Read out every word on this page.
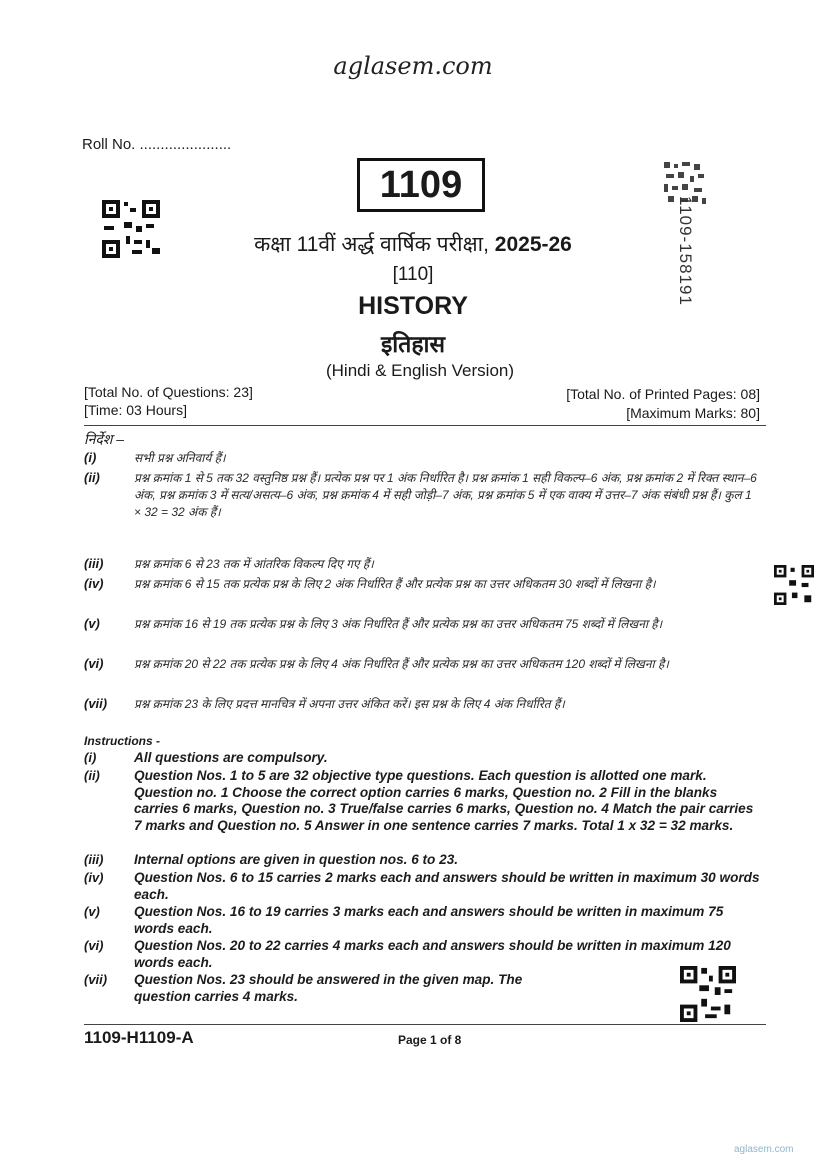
aglasem.com
Roll No. ......................
1109
कक्षा 11वीं अर्द्ध वार्षिक परीक्षा, 2025-26	1109-158191
[110]
HISTORY
इतिहास
(Hindi & English Version)
[Total No. of Questions: 23]
[Time: 03 Hours]
[Total No. of Printed Pages: 08]
[Maximum Marks: 80]
निर्देश –
(i)	सभी प्रश्न अनिवार्य हैं।
(ii)	प्रश्न क्रमांक 1 से 5 तक 32 वस्तुनिष्ठ प्रश्न हैं। प्रत्येक प्रश्न पर 1 अंक निर्धारित है। प्रश्न क्रमांक 1 सही विकल्प–6 अंक, प्रश्न क्रमांक 2 में रिक्त स्थान–6 अंक, प्रश्न क्रमांक 3 में सत्य/असत्य–6 अंक, प्रश्न क्रमांक 4 में सही जोड़ी–7 अंक, प्रश्न क्रमांक 5 में एक वाक्य में उत्तर–7 अंक संबंधी प्रश्न हैं। कुल 1 × 32 = 32 अंक हैं।
(iii)	प्रश्न क्रमांक 6 से 23 तक में आंतरिक विकल्प दिए गए हैं।
(iv)	प्रश्न क्रमांक 6 से 15 तक प्रत्येक प्रश्न के लिए 2 अंक निर्धारित हैं और प्रत्येक प्रश्न का उत्तर अधिकतम 30 शब्दों में लिखना है।
(v)	प्रश्न क्रमांक 16 से 19 तक प्रत्येक प्रश्न के लिए 3 अंक निर्धारित हैं और प्रत्येक प्रश्न का उत्तर अधिकतम 75 शब्दों में लिखना है।
(vi)	प्रश्न क्रमांक 20 से 22 तक प्रत्येक प्रश्न के लिए 4 अंक निर्धारित हैं और प्रत्येक प्रश्न का उत्तर अधिकतम 120 शब्दों में लिखना है।
(vii) प्रश्न क्रमांक 23 के लिए प्रदत्त मानचित्र में अपना उत्तर अंकित करें। इस प्रश्न के लिए 4 अंक निर्धारित हैं।
Instructions -
(i)	All questions are compulsory.
(ii)	Question Nos. 1 to 5 are 32 objective type questions. Each question is allotted one mark. Question no. 1 Choose the correct option carries 6 marks, Question no. 2 Fill in the blanks carries 6 marks, Question no. 3 True/false carries 6 marks, Question no. 4 Match the pair carries 7 marks and Question no. 5 Answer in one sentence carries 7 marks. Total 1 x 32 = 32 marks.
(iii) Internal options are given in question nos. 6 to 23.
(iv) Question Nos. 6 to 15 carries 2 marks each and answers should be written in maximum 30 words each.
(v)	Question Nos. 16 to 19 carries 3 marks each and answers should be written in maximum 75 words each.
(vi) Question Nos. 20 to 22 carries 4 marks each and answers should be written in maximum 120 words each.
(vii) Question Nos. 23 should be answered in the given map. The question carries 4 marks.
1109-H1109-A	Page 1 of 8
aglasem.com
